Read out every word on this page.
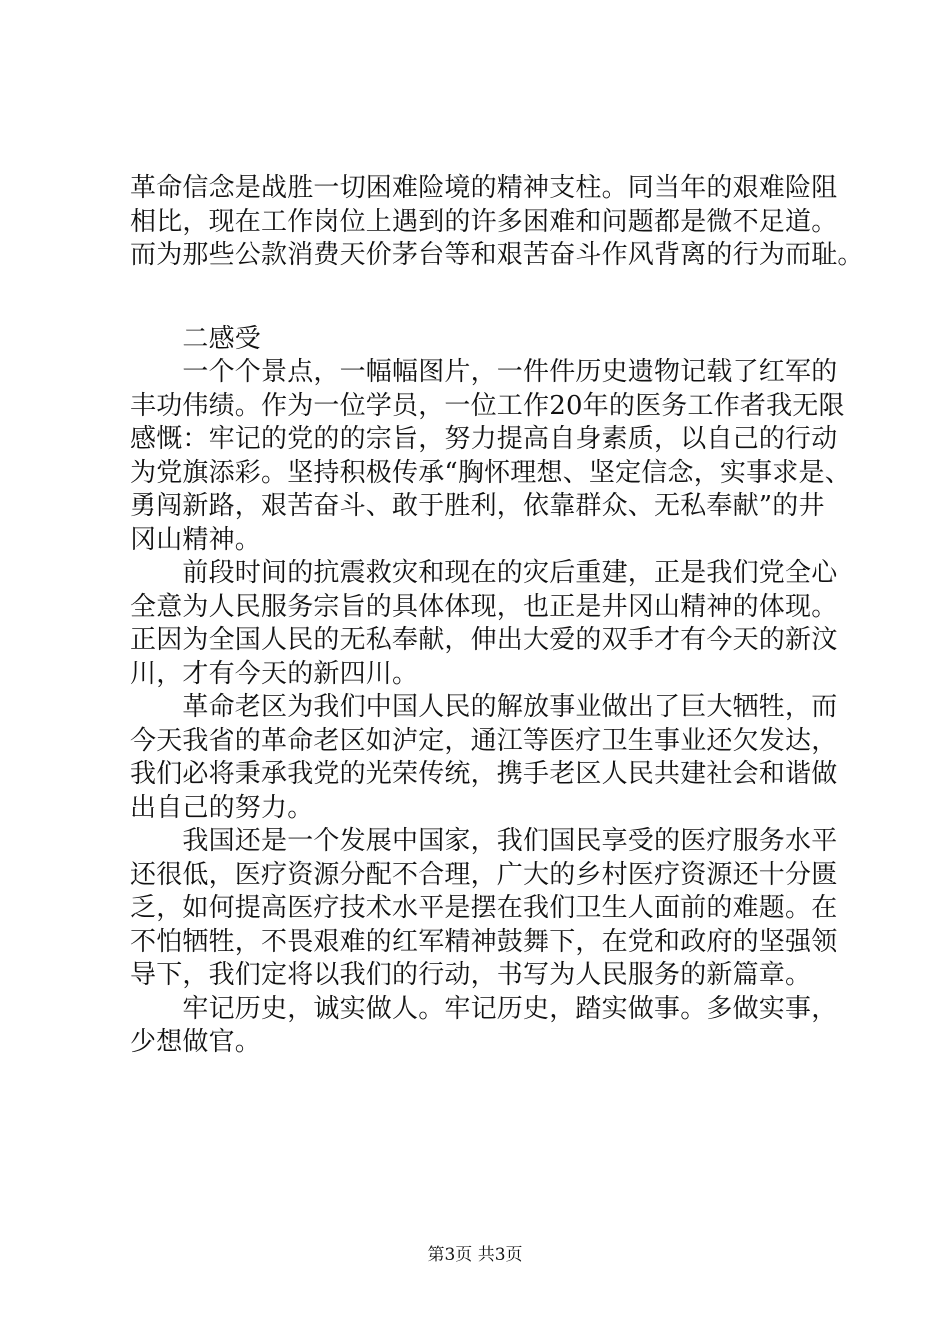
革命信念是战胜一切困难险境的精神支柱。同当年的艰难险阻
相比，现在工作岗位上遇到的许多困难和问题都是微不足道。
而为那些公款消费天价茅台等和艰苦奋斗作风背离的行为而耻。
　　二感受
　　一个个景点，一幅幅图片，一件件历史遗物记载了红军的
丰功伟绩。作为一位学员，一位工作20年的医务工作者我无限
感慨：牢记的党的的宗旨，努力提高自身素质，以自己的行动
为党旗添彩。坚持积极传承“胸怀理想、坚定信念，实事求是、
勇闯新路，艰苦奋斗、敢于胜利，依靠群众、无私奉献”的井
冈山精神。
　　前段时间的抗震救灾和现在的灾后重建，正是我们党全心
全意为人民服务宗旨的具体体现，也正是井冈山精神的体现。
正因为全国人民的无私奉献，伸出大爱的双手才有今天的新汶
川，才有今天的新四川。
　　革命老区为我们中国人民的解放事业做出了巨大牺牲，而
今天我省的革命老区如泸定，通江等医疗卫生事业还欠发达，
我们必将秉承我党的光荣传统，携手老区人民共建社会和谐做
出自己的努力。
　　我国还是一个发展中国家，我们国民享受的医疗服务水平
还很低，医疗资源分配不合理，广大的乡村医疗资源还十分匮
乏，如何提高医疗技术水平是摆在我们卫生人面前的难题。在
不怕牺牲，不畏艰难的红军精神鼓舞下，在党和政府的坚强领
导下，我们定将以我们的行动，书写为人民服务的新篇章。
　　牢记历史，诚实做人。牢记历史，踏实做事。多做实事，
少想做官。
第3页 共3页
